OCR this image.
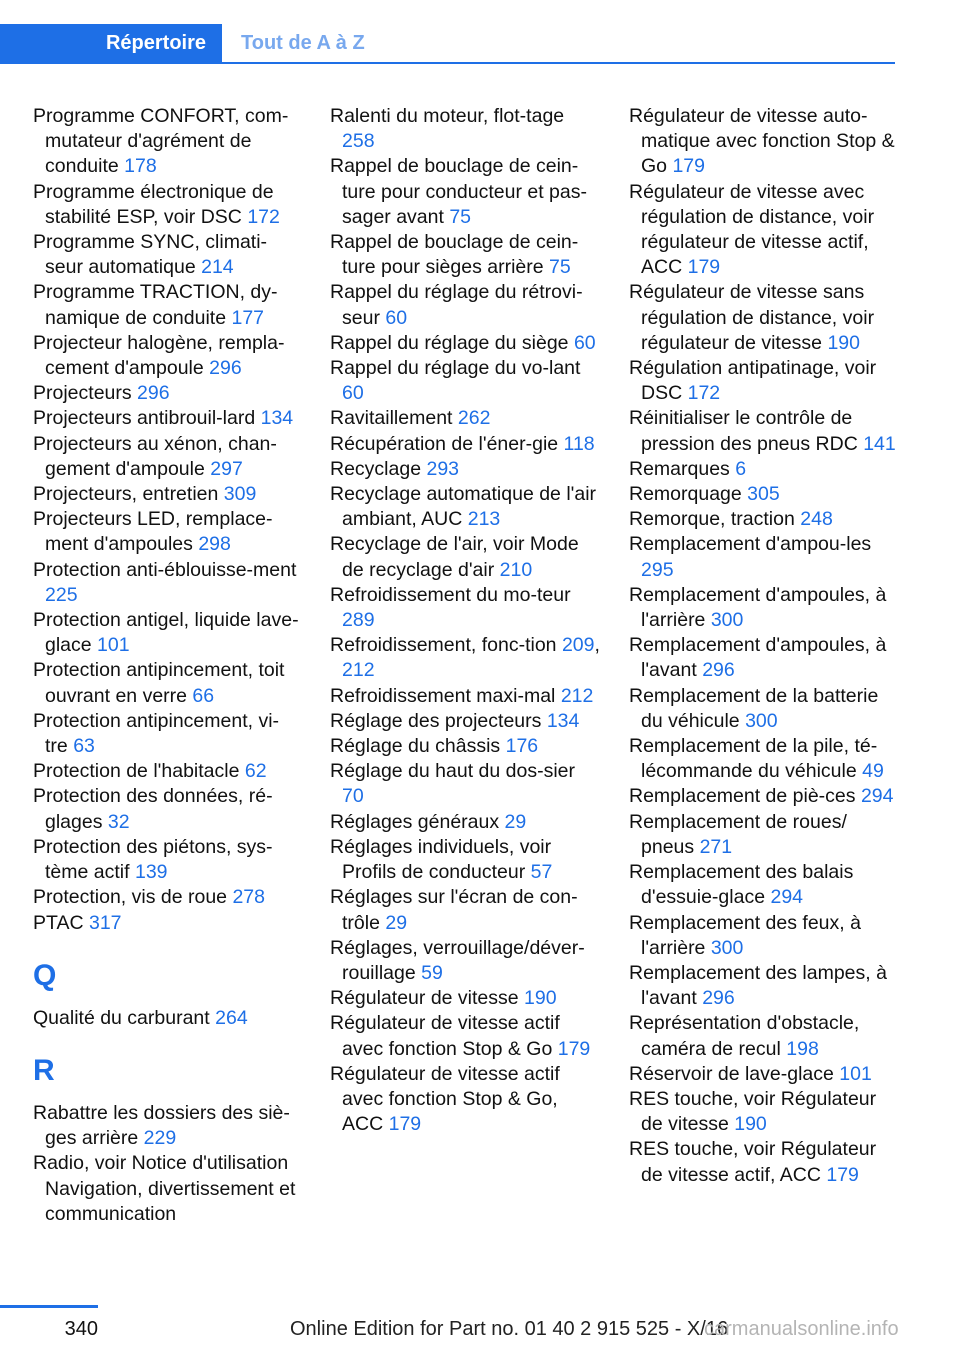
Répertoire	Tout de A à Z

Programme CONFORT, com-mutateur d'agrément de conduite 178

Programme électronique de stabilité ESP, voir DSC 172

Programme SYNC, climati-seur automatique 214

Programme TRACTION, dy-namique de conduite 177

Projecteur halogène, rempla-cement d'ampoule 296

Projecteurs 296

Projecteurs antibrouil-lard 134

Projecteurs au xénon, chan-gement d'ampoule 297

Projecteurs, entretien 309

Projecteurs LED, remplace-ment d'ampoules 298

Protection anti-éblouisse-ment 225

Protection antigel, liquide lave-glace 101

Protection antipincement, toit ouvrant en verre 66

Protection antipincement, vi-tre 63

Protection de l'habitacle 62

Protection des données, ré-glages 32

Protection des piétons, sys-tème actif 139

Protection, vis de roue 278

PTAC 317

Q

Qualité du carburant 264

R

Rabattre les dossiers des siè-ges arrière 229

Radio, voir Notice d'utilisation Navigation, divertissement et communication

Ralenti du moteur, flot-tage 258

Rappel de bouclage de cein-ture pour conducteur et pas-sager avant 75

Rappel de bouclage de cein-ture pour sièges arrière 75

Rappel du réglage du rétrovi-seur 60

Rappel du réglage du siège 60

Rappel du réglage du vo-lant 60

Ravitaillement 262

Récupération de l'éner-gie 118

Recyclage 293

Recyclage automatique de l'air ambiant, AUC 213

Recyclage de l'air, voir Mode de recyclage d'air 210

Refroidissement du mo-teur 289

Refroidissement, fonc-tion 209, 212

Refroidissement maxi-mal 212

Réglage des projecteurs 134

Réglage du châssis 176

Réglage du haut du dos-sier 70

Réglages généraux 29

Réglages individuels, voir Profils de conducteur 57

Réglages sur l'écran de con-trôle 29

Réglages, verrouillage/déver-rouillage 59

Régulateur de vitesse 190

Régulateur de vitesse actif avec fonction Stop & Go 179

Régulateur de vitesse actif avec fonction Stop & Go, ACC 179

Régulateur de vitesse auto-matique avec fonction Stop & Go 179

Régulateur de vitesse avec régulation de distance, voir régulateur de vitesse actif, ACC 179

Régulateur de vitesse sans régulation de distance, voir régulateur de vitesse 190

Régulation antipatinage, voir DSC 172

Réinitialiser le contrôle de pression des pneus RDC 141

Remarques 6

Remorquage 305

Remorque, traction 248

Remplacement d'ampou-les 295

Remplacement d'ampoules, à l'arrière 300

Remplacement d'ampoules, à l'avant 296

Remplacement de la batterie du véhicule 300

Remplacement de la pile, té-lécommande du véhicule 49

Remplacement de piè-ces 294

Remplacement de roues/ pneus 271

Remplacement des balais d'essuie-glace 294

Remplacement des feux, à l'arrière 300

Remplacement des lampes, à l'avant 296

Représentation d'obstacle, caméra de recul 198

Réservoir de lave-glace 101

RES touche, voir Régulateur de vitesse 190

RES touche, voir Régulateur de vitesse actif, ACC 179

340	Online Edition for Part no. 01 40 2 915 525 - X/16
carmanualsonline.info
